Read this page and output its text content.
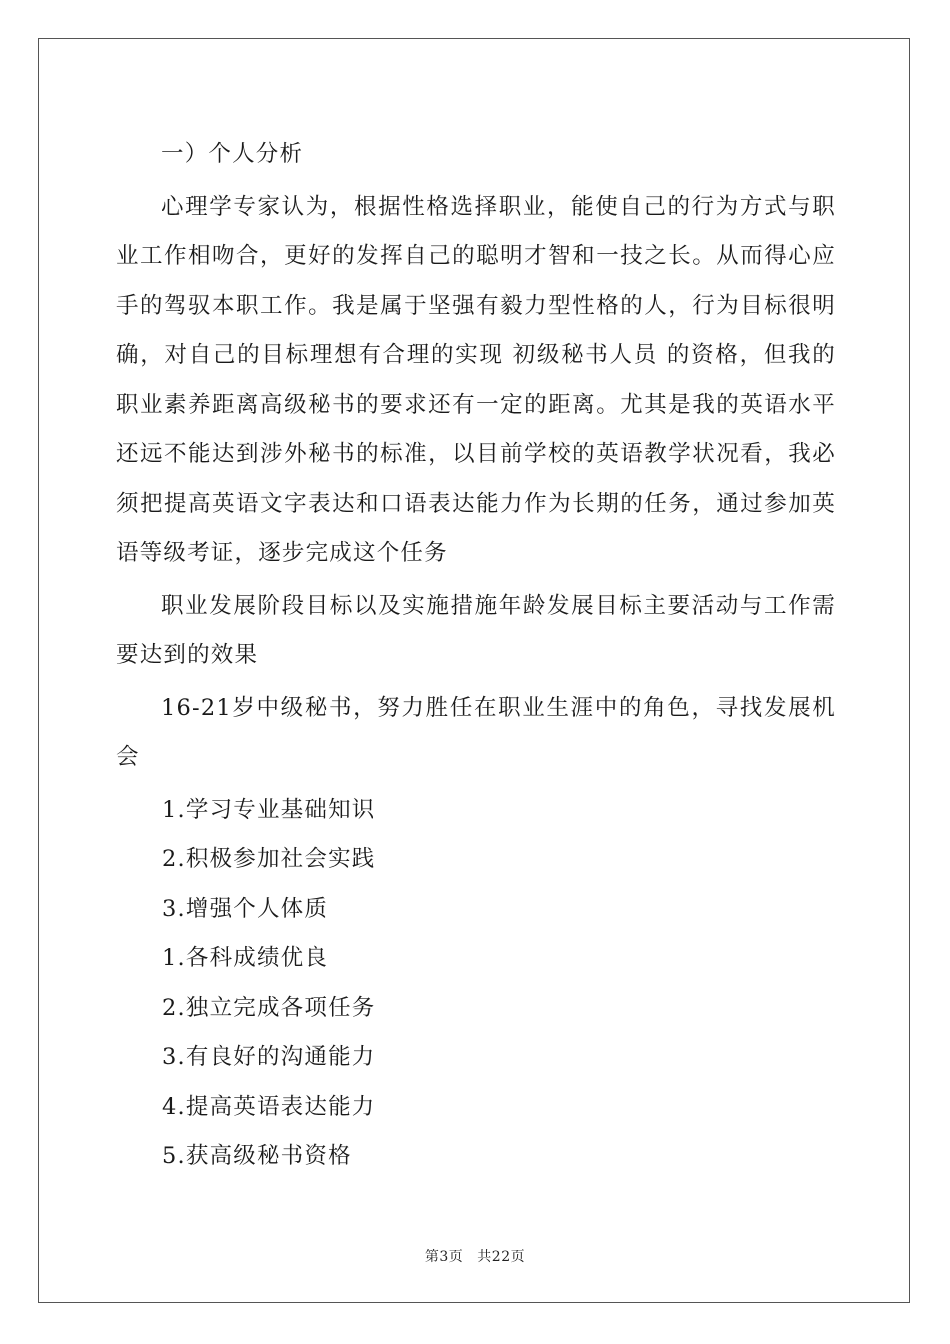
一）个人分析

心理学专家认为，根据性格选择职业，能使自己的行为方式与职业工作相吻合，更好的发挥自己的聪明才智和一技之长。从而得心应手的驾驭本职工作。我是属于坚强有毅力型性格的人，行为目标很明确，对自己的目标理想有合理的实现 初级秘书人员 的资格，但我的职业素养距离高级秘书的要求还有一定的距离。尤其是我的英语水平还远不能达到涉外秘书的标准，以目前学校的英语教学状况看，我必须把提高英语文字表达和口语表达能力作为长期的任务，通过参加英语等级考证，逐步完成这个任务

职业发展阶段目标以及实施措施年龄发展目标主要活动与工作需要达到的效果

16-21岁中级秘书，努力胜任在职业生涯中的角色，寻找发展机会

1.学习专业基础知识

2.积极参加社会实践

3.增强个人体质

1.各科成绩优良

2.独立完成各项任务

3.有良好的沟通能力

4.提高英语表达能力

5.获高级秘书资格

第3页 共22页
